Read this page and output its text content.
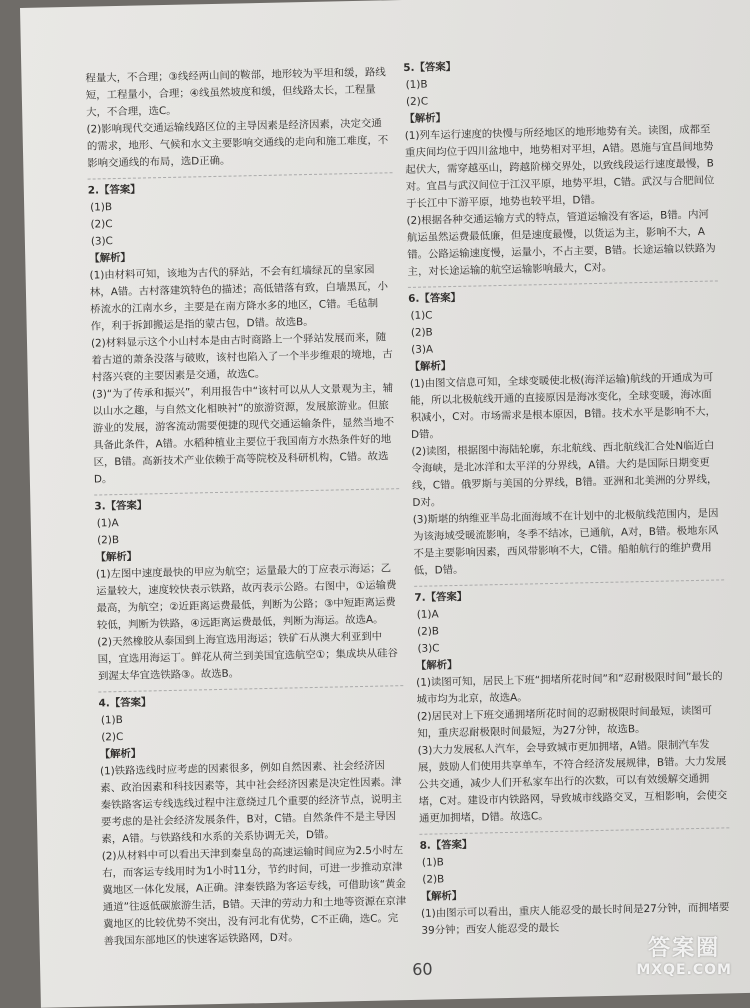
程量大，不合理；③线经两山间的鞍部，地形较为平坦和缓，路线

短，工程量小，合理；④线虽然坡度和缓，但线路太长，工程量大，不合理，选C。

(2)影响现代交通运输线路区位的主导因素是经济因素，决定交通的需求，地形、气候和水文主要影响交通线的走向和施工难度，不影响交通线的布局，选D正确。

2.【答案】

(1)B

(2)C

(3)C

【解析】

(1)由材料可知，该地为古代的驿站，不会有红墙绿瓦的皇家园林，A错。古村落建筑特色的描述；高低错落有致，白墙黑瓦，小桥流水的江南水乡，主要是在南方降水多的地区，C错。毛毡制作，利于拆卸搬运是指的蒙古包，D错。故选B。

(2)材料显示这个小山村本是由古时商路上一个驿站发展而来，随着古道的萧条没落与破败，该村也陷入了一个半步维艰的境地，古村落兴衰的主要因素是交通，故选C。

(3)“为了传承和振兴”，利用报告中“该村可以从人文景观为主，辅以山水之趣，与自然文化相映衬”的旅游资源，发展旅游业。但旅游业的发展，游客流动需要便捷的现代交通运输条件，显然当地不具备此条件，A错。水稻种植业主要位于我国南方水热条件好的地区，B错。高新技术产业依赖于高等院校及科研机构，C错。故选D。

3.【答案】

(1)A

(2)B

【解析】

(1)左图中速度最快的甲应为航空；运量最大的丁应表示海运；乙运量较大，速度较快表示铁路，故丙表示公路。右图中，①运输费最高，为航空；②近距离运费最低，判断为公路；③中短距离运费较低，判断为铁路，④远距离运费最低，判断为海运。故选A。

(2)天然橡胶从泰国到上海宜选用海运；铁矿石从澳大利亚到中国，宜选用海运丁。鲜花从荷兰到美国宜选航空①；集成块从硅谷到渥太华宜选铁路③。故选B。

4.【答案】

(1)B

(2)C

【解析】

(1)铁路选线时应考虑的因素很多，例如自然因素、社会经济因素、政治因素和科技因素等，其中社会经济因素是决定性因素。津秦铁路客运专线选线过程中注意绕过几个重要的经济节点，说明主要考虑的是社会经济发展条件，B对，C错。自然条件不是主导因素，A错。与铁路线和水系的关系协调无关，D错。

(2)从材料中可以看出天津到秦皇岛的高速运输时间应为2.5小时左右，而客运专线用时为1小时11分，节约时间，可进一步推动京津冀地区一体化发展，A正确。津秦铁路为客运专线，可借助该“黄金通道”往返低碳旅游生活，B错。天津的劳动力和土地等资源在京津冀地区的比较优势不突出，没有河北有优势，C不正确，选C。完善我国东部地区的快速客运铁路网，D对。

5.【答案】

(1)B

(2)C

【解析】

(1)列车运行速度的快慢与所经地区的地形地势有关。读图，成都至重庆间均位于四川盆地中，地势相对平坦，A错。恩施与宜昌间地势起伏大，需穿越巫山，跨越阶梯交界处，以致线段运行速度最慢，B对。宜昌与武汉间位于江汉平原，地势平坦，C错。武汉与合肥间位于长江中下游平原，地势也较平坦，D错。

(2)根据各种交通运输方式的特点，管道运输没有客运，B错。内河航运虽然运费最低廉，但是速度最慢，以货运为主，影响不大，A错。公路运输速度慢，运量小，不占主要，B错。长途运输以铁路为主，对长途运输的航空运输影响最大，C对。

6.【答案】

(1)C

(2)B

(3)A

【解析】

(1)由图文信息可知，全球变暖使北极(海洋运输)航线的开通成为可能，所以北极航线开通的直接原因是海冰变化，全球变暖，海冰面积减小，C对。市场需求是根本原因，B错。技术水平是影响不大，D错。

(2)读图，根据图中海陆轮廓，东北航线、西北航线汇合处N临近白令海峡，是北冰洋和太平洋的分界线，A错。大约是国际日期变更线，C错。俄罗斯与美国的分界线，B错。亚洲和北美洲的分界线，D对。

(3)斯堪的纳维亚半岛北面海域不在计划中的北极航线范围内，是因为该海域受暖流影响，冬季不结冰，已通航，A对，B错。极地东风不是主要影响因素，西风带影响不大，C错。船舶航行的维护费用低，D错。

7.【答案】

(1)A

(2)B

(3)C

【解析】

(1)读图可知，居民上下班“拥堵所花时间”和“忍耐极限时间”最长的城市均为北京，故选A。

(2)居民对上下班交通拥堵所花时间的忍耐极限时间最短，读图可知，重庆忍耐极限时间最短，为27分钟，故选B。

(3)大力发展私人汽车，会导致城市更加拥堵，A错。限制汽车发展，鼓励人们使用共享单车，不符合经济发展规律，B错。大力发展公共交通，减少人们开私家车出行的次数，可以有效缓解交通拥堵，C对。建设市内铁路网，导致城市线路交叉，互相影响，会使交通更加拥堵，D错。故选C。

8.【答案】

(1)B

(2)B

【解析】

(1)由图示可以看出，重庆人能忍受的最长时间是27分钟，而拥堵要39分钟；西安人能忍受的最长

60
答案圈
MXQE.COM
